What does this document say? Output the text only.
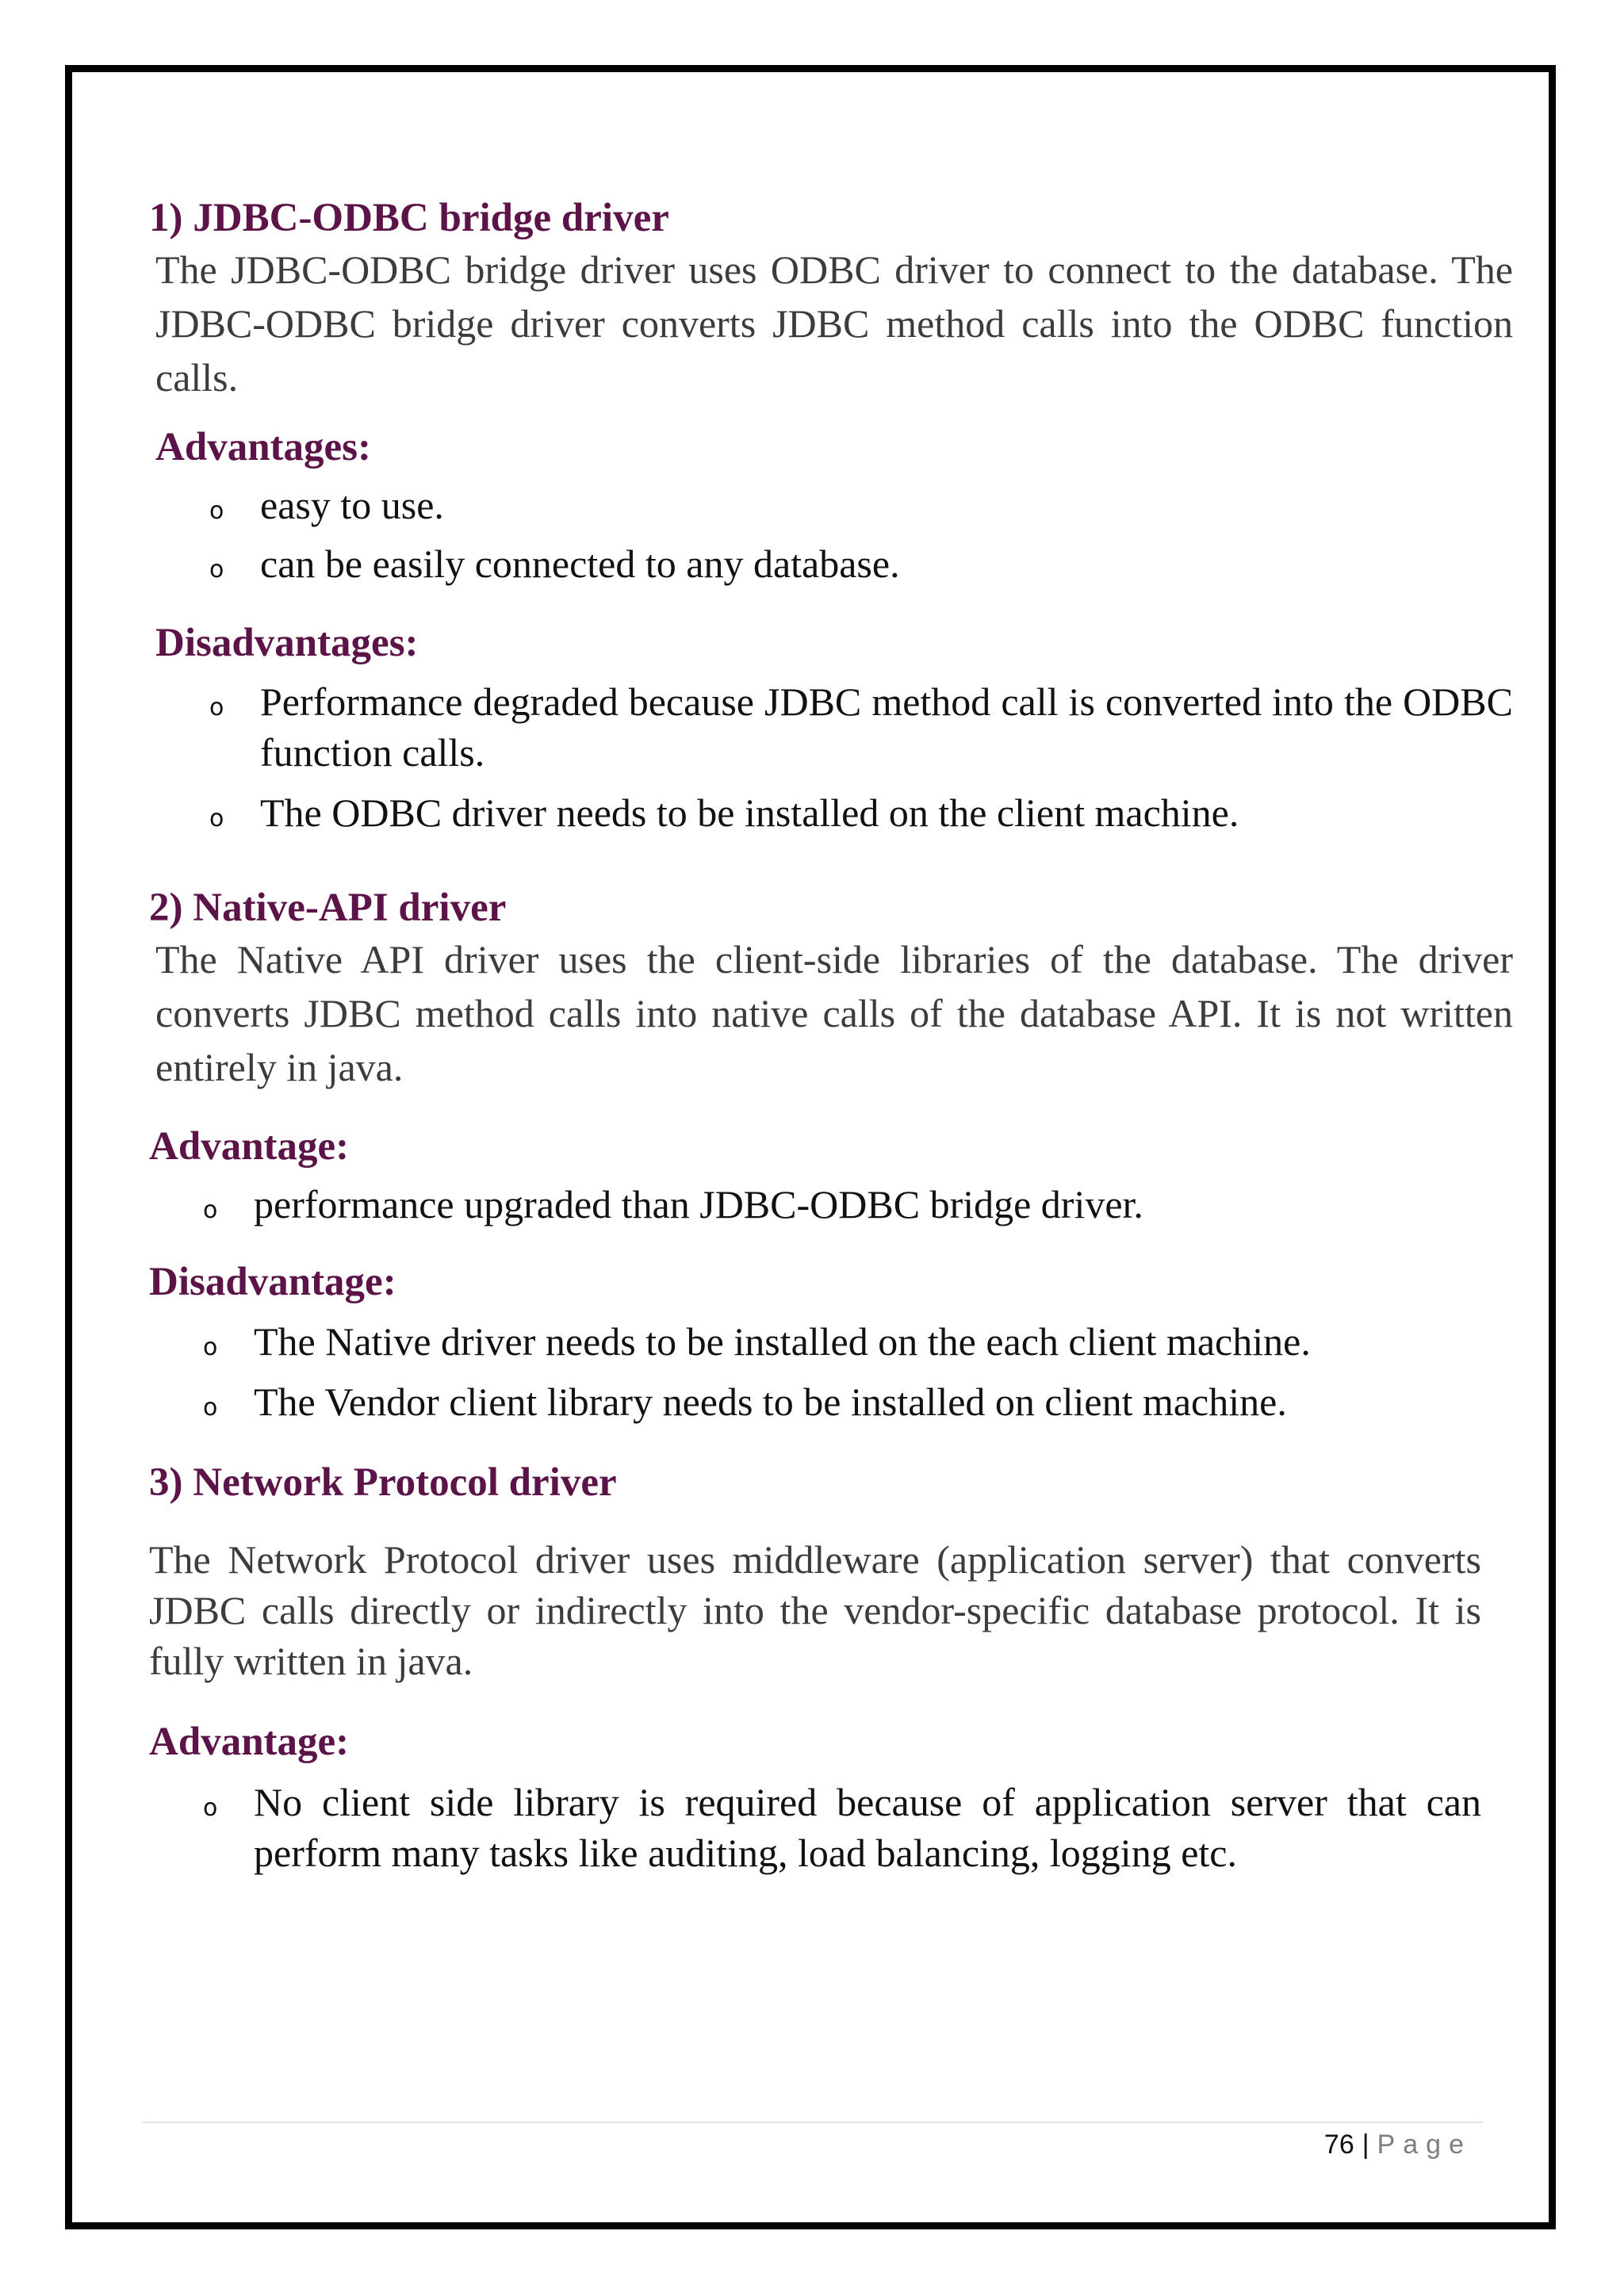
1) JDBC-ODBC bridge driver

The JDBC-ODBC bridge driver uses ODBC driver to connect to the database. The JDBC-ODBC bridge driver converts JDBC method calls into the ODBC function calls.

Advantages:
o easy to use.
o can be easily connected to any database.
Disadvantages:
o Performance degraded because JDBC method call is converted into the ODBC function calls.
o The ODBC driver needs to be installed on the client machine.
2) Native-API driver

The Native API driver uses the client-side libraries of the database. The driver converts JDBC method calls into native calls of the database API. It is not written entirely in java.

Advantage:
o performance upgraded than JDBC-ODBC bridge driver.
Disadvantage:
o The Native driver needs to be installed on the each client machine.
o The Vendor client library needs to be installed on client machine.
3) Network Protocol driver

The Network Protocol driver uses middleware (application server) that converts JDBC calls directly or indirectly into the vendor-specific database protocol. It is fully written in java.

Advantage:
o No client side library is required because of application server that can perform many tasks like auditing, load balancing, logging etc.
76 | Page
